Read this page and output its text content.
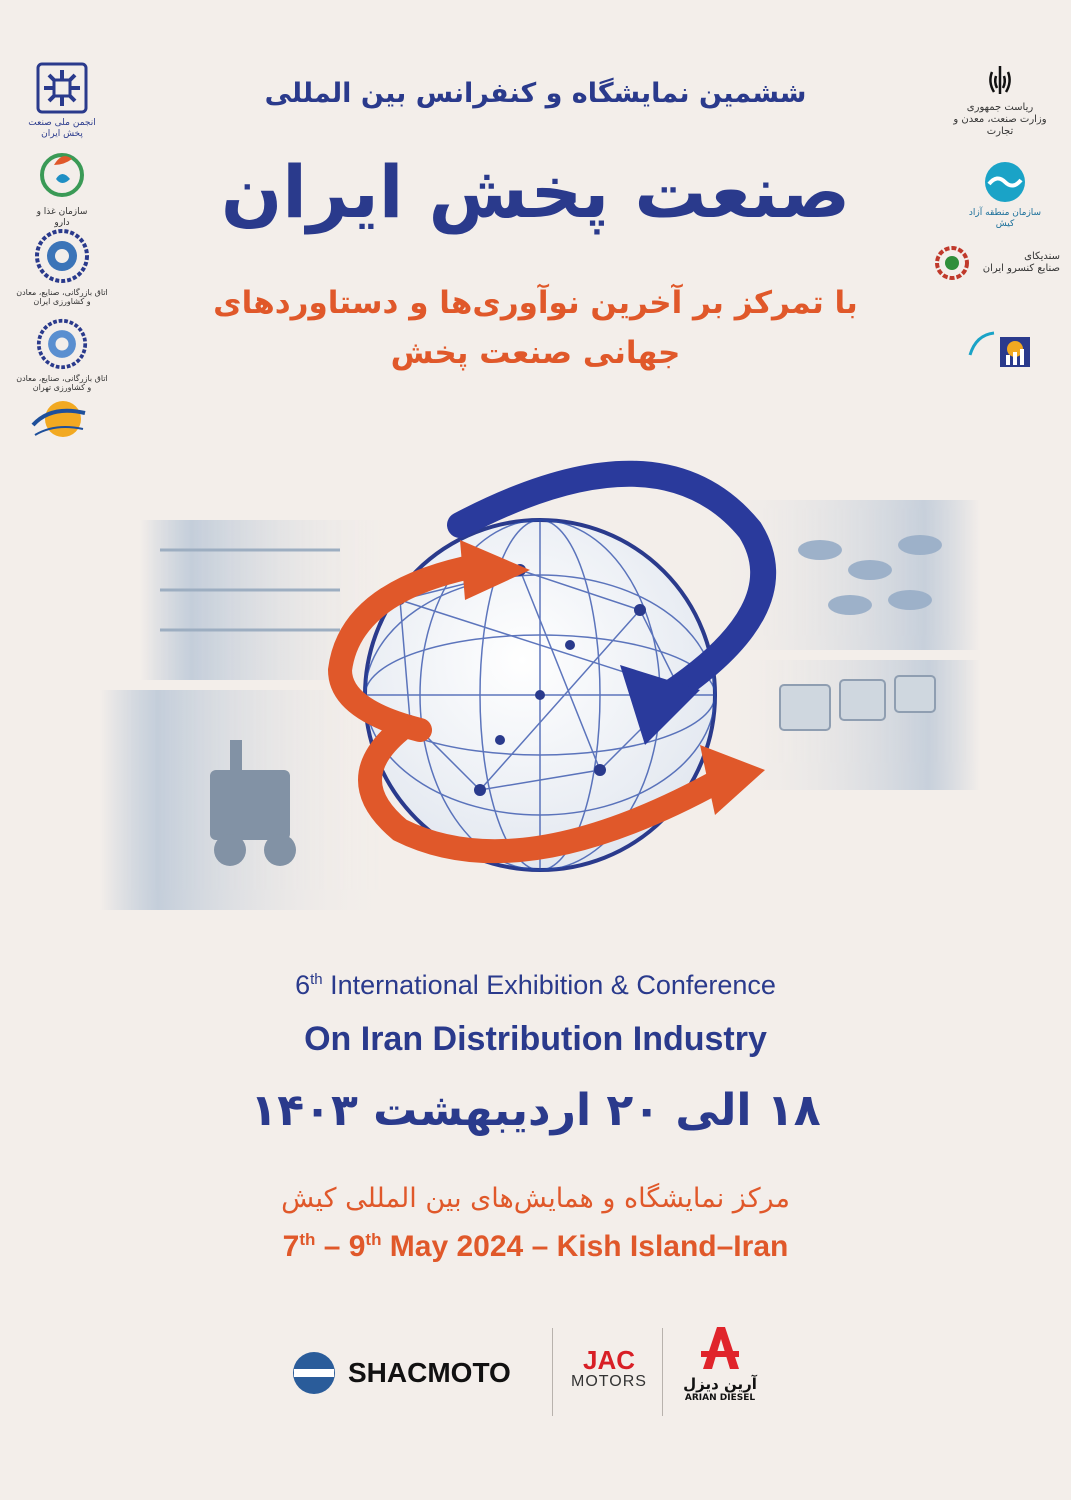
ششمین نمایشگاه و کنفرانس بین المللی
صنعت پخش ایران
با تمرکز بر آخرین نوآوری‌ها و دستاوردهای
جهانی صنعت پخش
انجمن ملی صنعت پخش ایران
سازمان غذا و دارو
اتاق بازرگانی، صنایع، معادن و کشاورزی ایران
اتاق بازرگانی، صنایع، معادن و کشاورزی تهران
ریاست جمهوری
وزارت صنعت، معدن و تجارت
سازمان منطقه آزاد کیش
سندیکای
صنایع کنسرو ایران
6th International Exhibition & Conference
On Iran Distribution Industry
۱۸ الی ۲۰ اردیبهشت ۱۴۰۳
مرکز نمایشگاه و همایش‌های بین المللی کیش
7th – 9th May 2024 – Kish Island–Iran
SHACMOTO	JAC
MOTORS	آرین دیزل
ARIAN DIESEL
